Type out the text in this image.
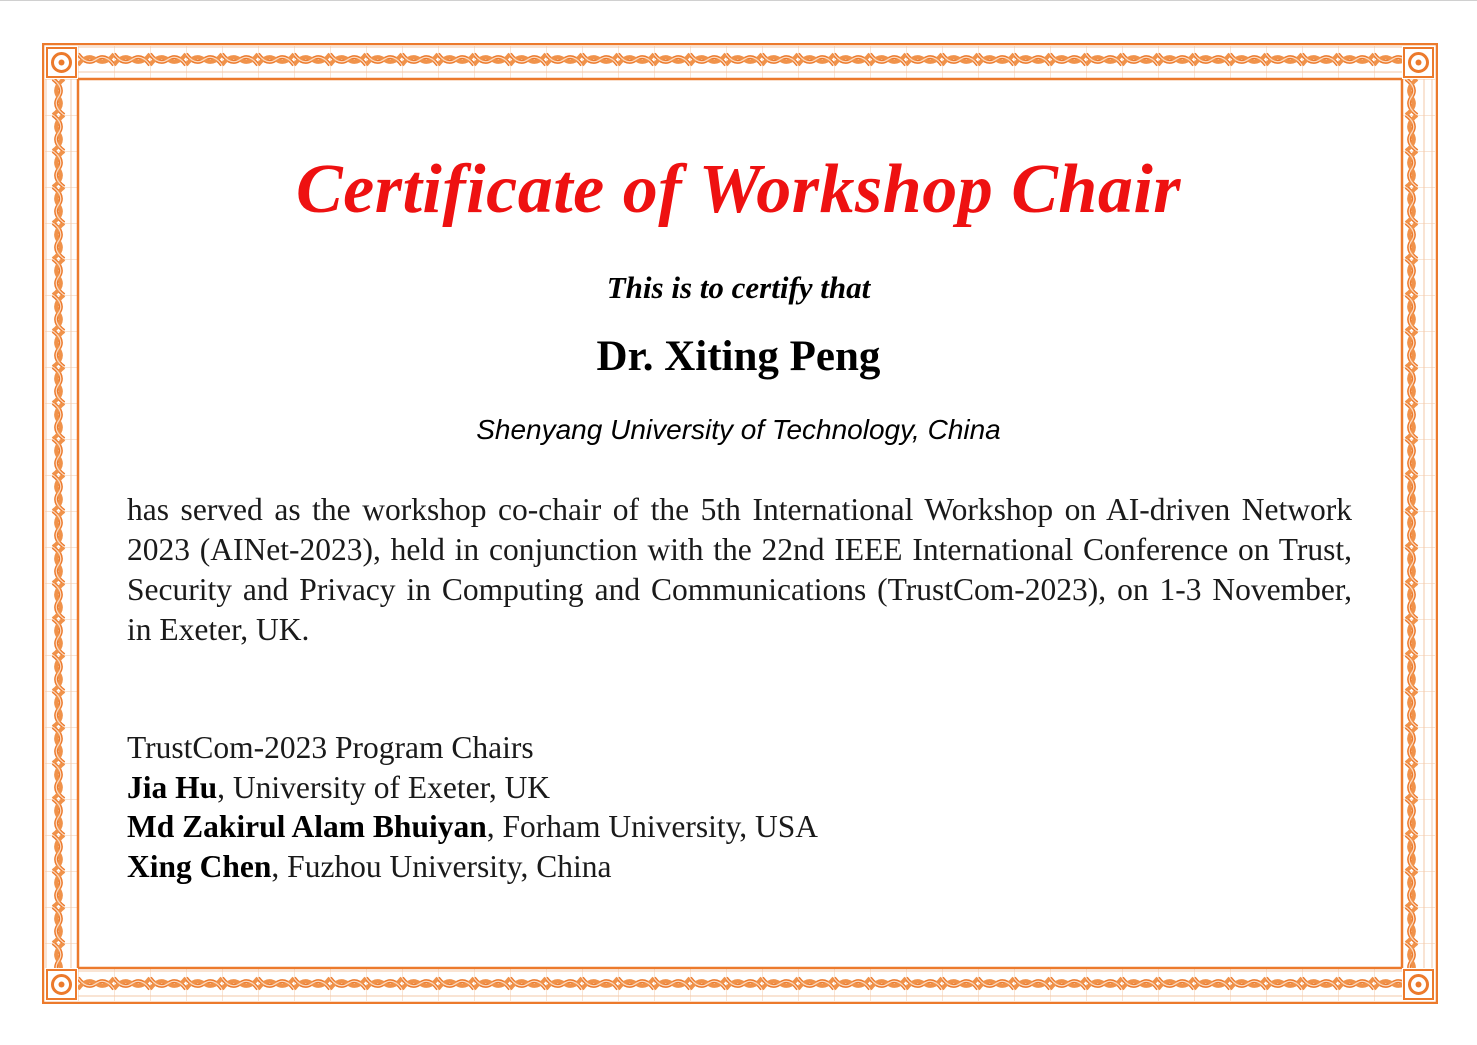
Certificate of Workshop Chair
This is to certify that
Dr. Xiting Peng
Shenyang University of Technology, China
has served as the workshop co-chair of the 5th International Workshop on AI-driven Network 2023 (AINet-2023), held in conjunction with the 22nd IEEE International Conference on Trust, Security and Privacy in Computing and Communications (TrustCom-2023), on 1-3 November, in Exeter, UK.
TrustCom-2023 Program Chairs
Jia Hu, University of Exeter, UK
Md Zakirul Alam Bhuiyan, Forham University, USA
Xing Chen, Fuzhou University, China
